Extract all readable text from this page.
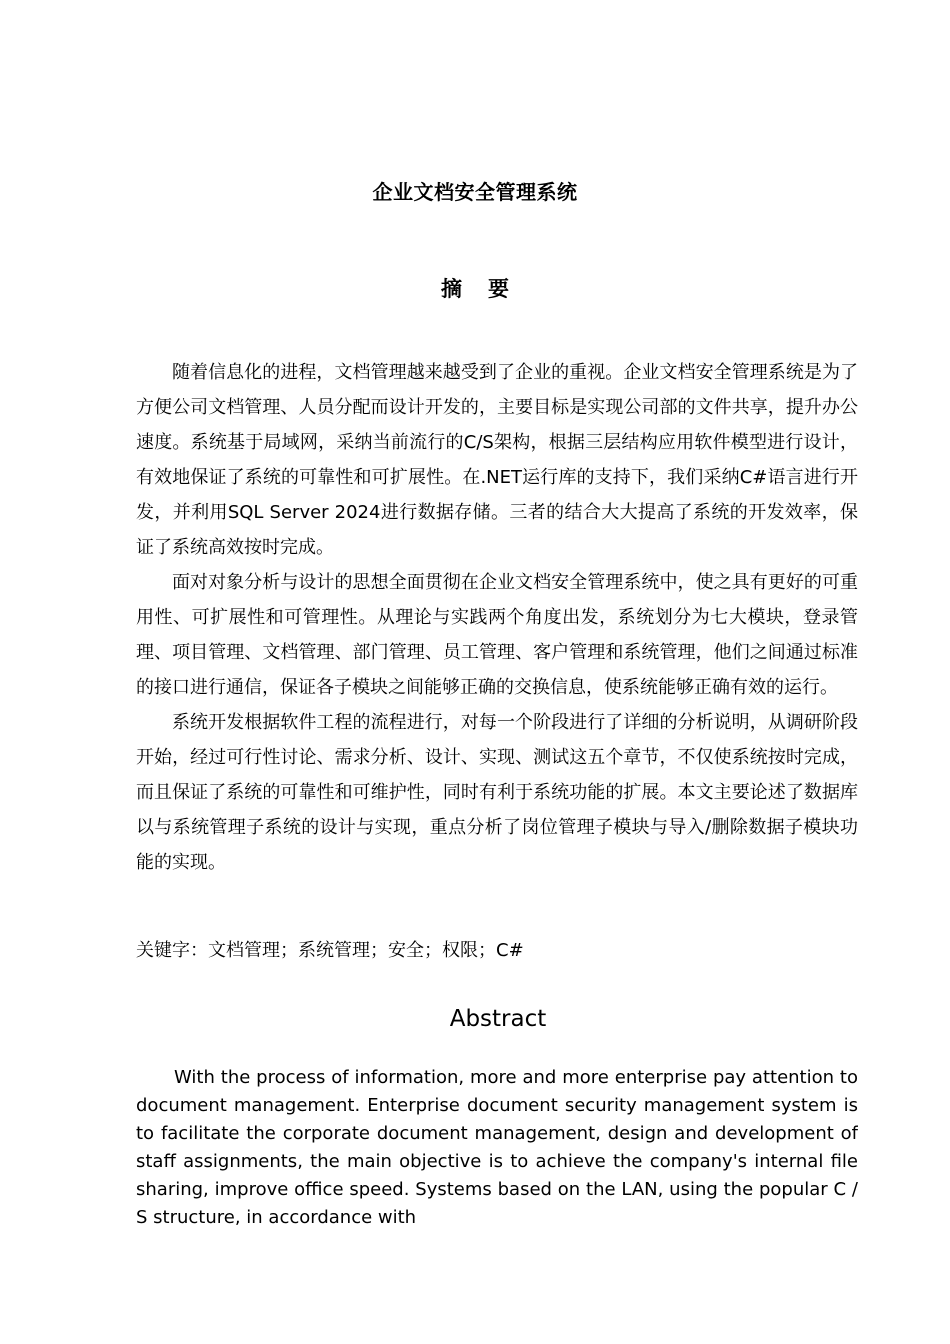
企业文档安全管理系统
摘要

随着信息化的进程，文档管理越来越受到了企业的重视。企业文档安全管理系统是为了方便公司文档管理、人员分配而设计开发的，主要目标是实现公司部的文件共享，提升办公速度。系统基于局域网，采纳当前流行的C/S架构，根据三层结构应用软件模型进行设计，有效地保证了系统的可靠性和可扩展性。在.NET运行库的支持下，我们采纳C#语言进行开发，并利用SQL Server 2024进行数据存储。三者的结合大大提高了系统的开发效率，保证了系统高效按时完成。

面对对象分析与设计的思想全面贯彻在企业文档安全管理系统中，使之具有更好的可重用性、可扩展性和可管理性。从理论与实践两个角度出发，系统划分为七大模块，登录管理、项目管理、文档管理、部门管理、员工管理、客户管理和系统管理，他们之间通过标准的接口进行通信，保证各子模块之间能够正确的交换信息，使系统能够正确有效的运行。

系统开发根据软件工程的流程进行，对每一个阶段进行了详细的分析说明，从调研阶段开始，经过可行性讨论、需求分析、设计、实现、测试这五个章节，不仅使系统按时完成，而且保证了系统的可靠性和可维护性，同时有利于系统功能的扩展。本文主要论述了数据库以与系统管理子系统的设计与实现，重点分析了岗位管理子模块与导入/删除数据子模块功能的实现。

关键字：文档管理；系统管理；安全；权限；C#
Abstract

With the process of information, more and more enterprise pay attention to document management. Enterprise document security management system is to facilitate the corporate document management, design and development of staff assignments, the main objective is to achieve the company's internal file sharing, improve office speed. Systems based on the LAN, using the popular C / S structure, in accordance with
